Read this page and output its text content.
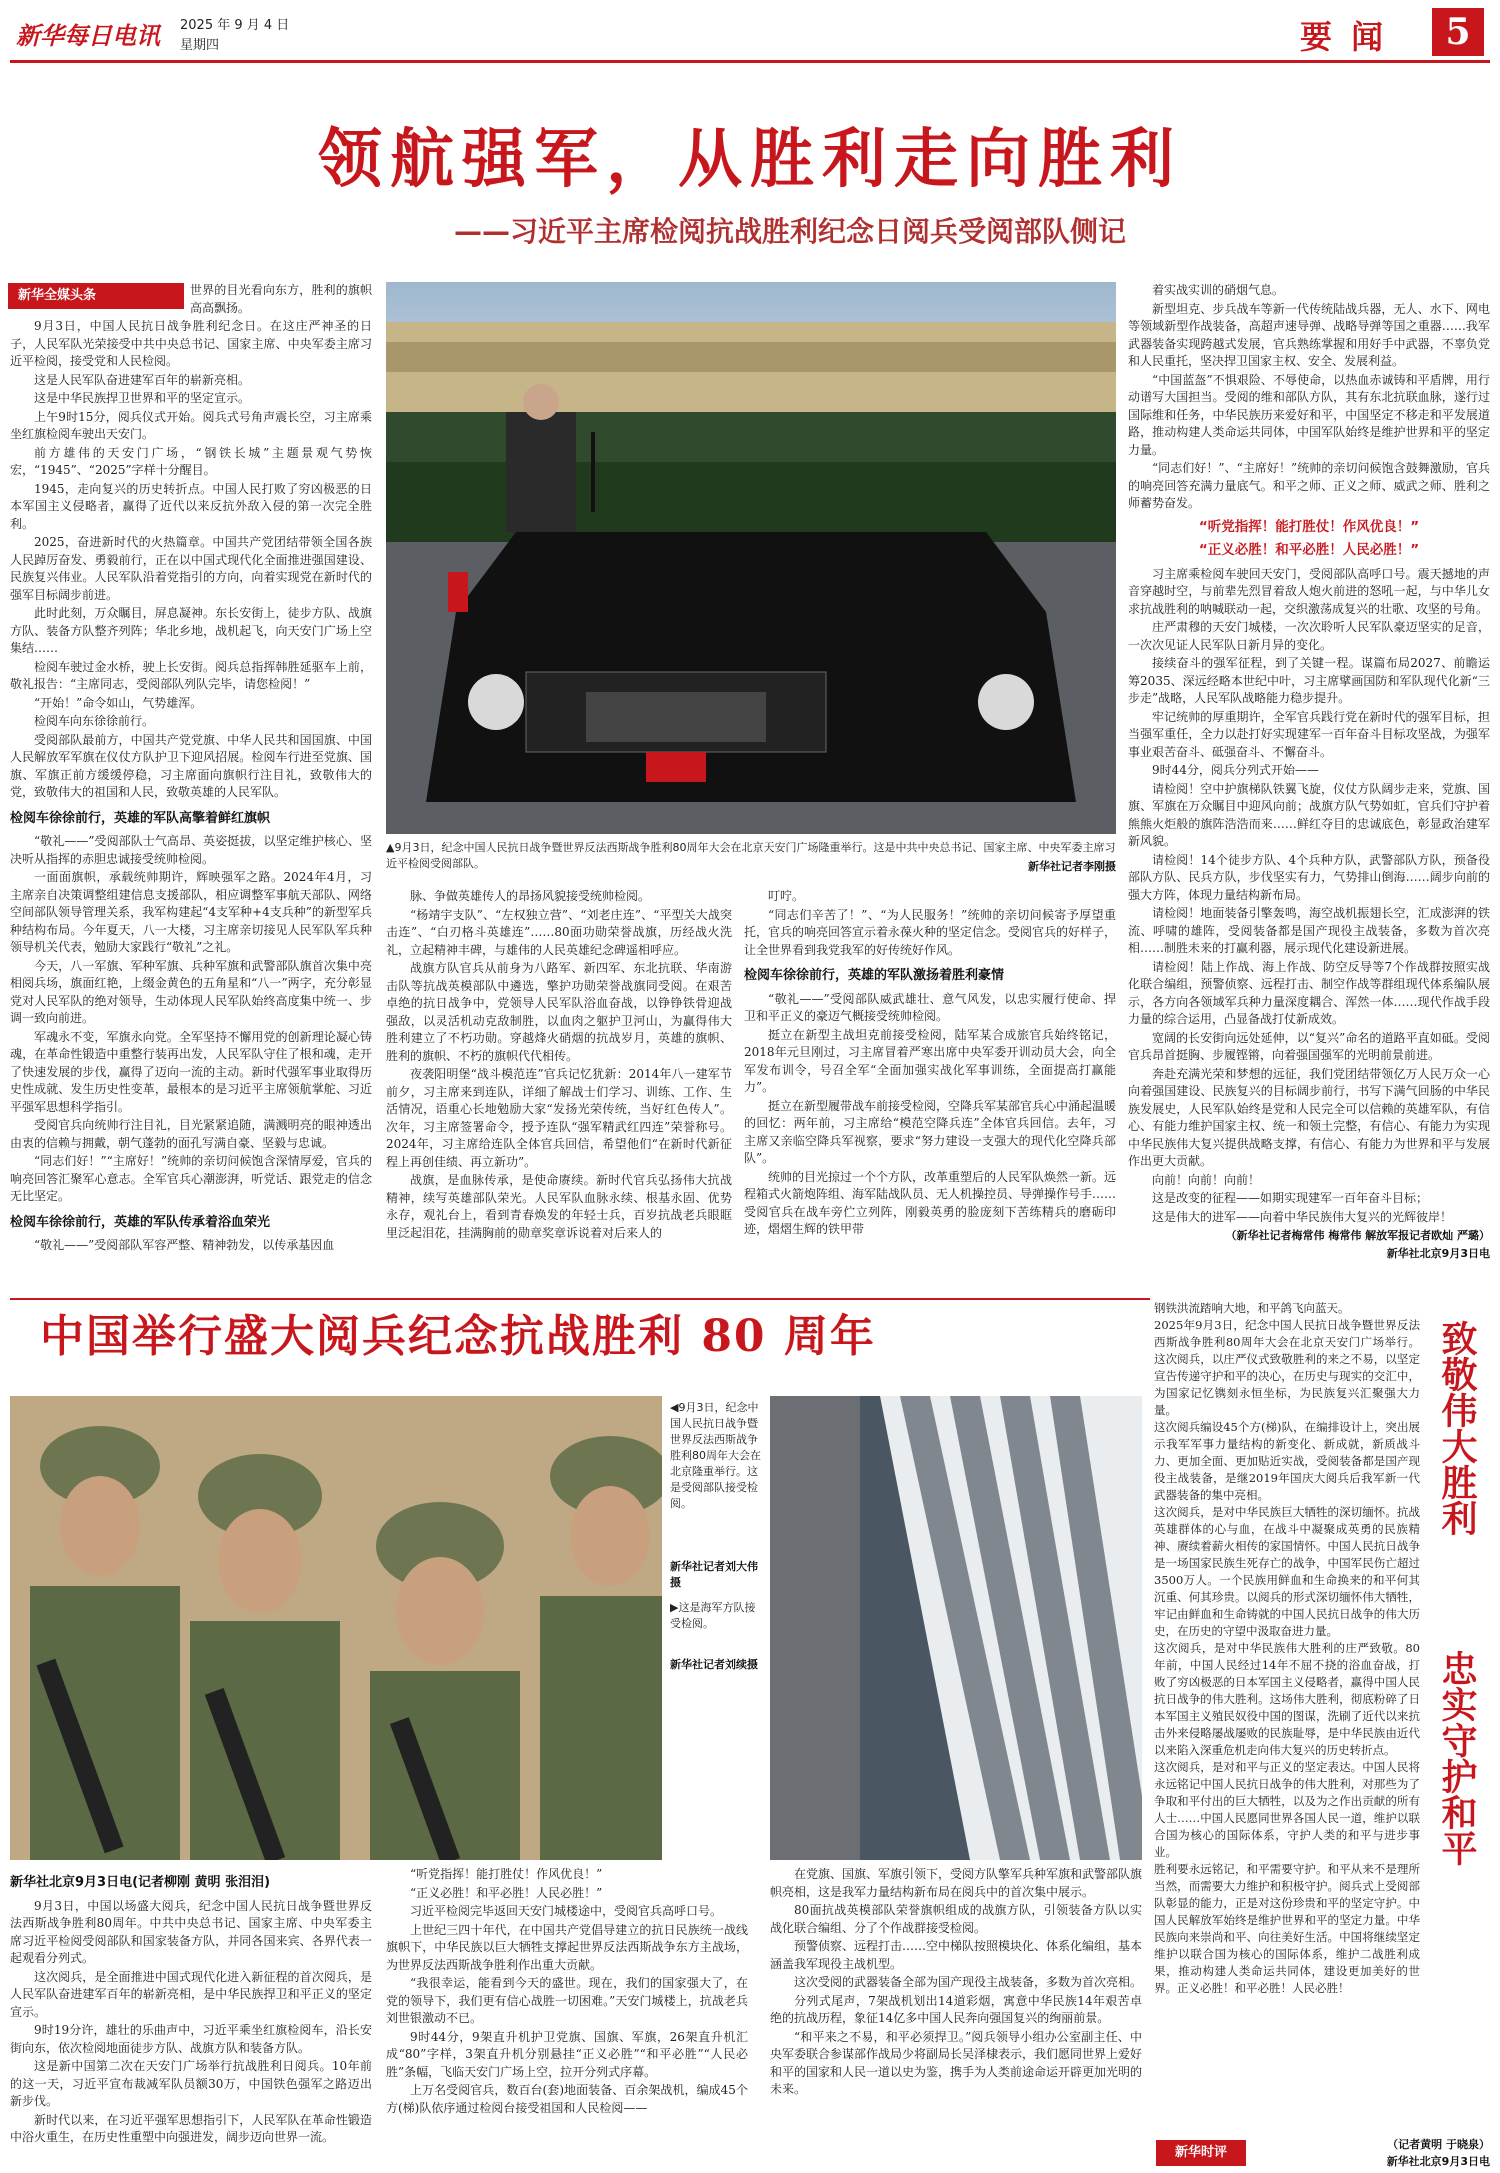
新华每日电讯 2025 年 9 月 4 日
星期四	要 闻	5
领航强军，从胜利走向胜利
——习近平主席检阅抗战胜利纪念日阅兵受阅部队侧记
新华全媒头条	世界的目光看向东方，胜利的旗帜高高飘扬。

9月3日，中国人民抗日战争胜利纪念日。在这庄严神圣的日子，人民军队光荣接受中共中央总书记、国家主席、中央军委主席习近平检阅，接受党和人民检阅。

这是人民军队奋进建军百年的崭新亮相。

这是中华民族捍卫世界和平的坚定宣示。

上午9时15分，阅兵仪式开始。阅兵式号角声震长空，习主席乘坐红旗检阅车驶出天安门。

前方雄伟的天安门广场，“钢铁长城”主题景观气势恢宏，“1945”、“2025”字样十分醒目。

1945，走向复兴的历史转折点。中国人民打败了穷凶极恶的日本军国主义侵略者，赢得了近代以来反抗外敌入侵的第一次完全胜利。

2025，奋进新时代的火热篇章。中国共产党团结带领全国各族人民踔厉奋发、勇毅前行，正在以中国式现代化全面推进强国建设、民族复兴伟业。人民军队沿着党指引的方向，向着实现党在新时代的强军目标阔步前进。

此时此刻，万众瞩目，屏息凝神。东长安街上，徒步方队、战旗方队、装备方队整齐列阵；华北乡地，战机起飞，向天安门广场上空集结……

检阅车驶过金水桥，驶上长安街。阅兵总指挥韩胜延驱车上前，敬礼报告：“主席同志，受阅部队列队完毕，请您检阅！”

“开始！”命令如山，气势雄浑。

检阅车向东徐徐前行。

受阅部队最前方，中国共产党党旗、中华人民共和国国旗、中国人民解放军军旗在仪仗方队护卫下迎风招展。检阅车行进至党旗、国旗、军旗正前方缓缓停稳，习主席面向旗帜行注目礼，致敬伟大的党，致敬伟大的祖国和人民，致敬英雄的人民军队。

检阅车徐徐前行，英雄的军队高擎着鲜红旗帜

“敬礼——”受阅部队士气高昂、英姿挺拔，以坚定维护核心、坚决听从指挥的赤胆忠诚接受统帅检阅。

一面面旗帜，承载统帅期许，辉映强军之路。2024年4月，习主席亲自决策调整组建信息支援部队，相应调整军事航天部队、网络空间部队领导管理关系，我军构建起“4支军种+4支兵种”的新型军兵种结构布局。今年夏天，八一大楼，习主席亲切接见人民军队军兵种领导机关代表，勉励大家践行“敬礼”之礼。

今天，八一军旗、军种军旗、兵种军旗和武警部队旗首次集中亮相阅兵场，旗面红艳，上缀金黄色的五角星和“八一”两字，充分彰显党对人民军队的绝对领导，生动体现人民军队始终高度集中统一、步调一致向前进。

军魂永不变，军旗永向党。全军坚持不懈用党的创新理论凝心铸魂，在革命性锻造中重整行装再出发，人民军队守住了根和魂，走开了快速发展的步伐，赢得了迈向一流的主动。新时代强军事业取得历史性成就、发生历史性变革，最根本的是习近平主席领航掌舵、习近平强军思想科学指引。

受阅官兵向统帅行注目礼，目光紧紧追随，满溅明亮的眼神透出由衷的信赖与拥戴，朝气蓬勃的面孔写满自豪、坚毅与忠诚。

“同志们好！”“主席好！”统帅的亲切问候饱含深情厚爱，官兵的响亮回答汇聚军心意志。全军官兵心潮澎湃，听党话、跟党走的信念无比坚定。

检阅车徐徐前行，英雄的军队传承着浴血荣光

“敬礼——”受阅部队军容严整、精神勃发，以传承基因血

▲9月3日，纪念中国人民抗日战争暨世界反法西斯战争胜利80周年大会在北京天安门广场隆重举行。这是中共中央总书记、国家主席、中央军委主席习近平检阅受阅部队。	新华社记者李刚摄

脉、争做英雄传人的昂扬风貌接受统帅检阅。

“杨靖宇支队”、“左权独立营”、“刘老庄连”、“平型关大战突击连”、“白刃格斗英雄连”……80面功勋荣誉战旗，历经战火洗礼，立起精神丰碑，与雄伟的人民英雄纪念碑遥相呼应。

战旗方队官兵从前身为八路军、新四军、东北抗联、华南游击队等抗战英模部队中遴选，擎护功勋荣誉战旗同受阅。在艰苦卓绝的抗日战争中，党领导人民军队浴血奋战，以铮铮铁骨迎战强敌，以灵活机动克敌制胜，以血肉之躯护卫河山，为赢得伟大胜利建立了不朽功勋。穿越烽火硝烟的抗战岁月，英雄的旗帜、胜利的旗帜、不朽的旗帜代代相传。

夜袭阳明堡“战斗模范连”官兵记忆犹新：2014年八一建军节前夕，习主席来到连队，详细了解战士们学习、训练、工作、生活情况，语重心长地勉励大家“发扬光荣传统，当好红色传人”。次年，习主席签署命令，授予连队“强军精武红四连”荣誉称号。2024年，习主席给连队全体官兵回信，希望他们“在新时代新征程上再创佳绩、再立新功”。

战旗，是血脉传承，是使命赓续。新时代官兵弘扬伟大抗战精神，续写英雄部队荣光。人民军队血脉永续、根基永固、优势永存，观礼台上，看到青春焕发的年轻士兵，百岁抗战老兵眼眶里泛起泪花，挂满胸前的勋章奖章诉说着对后来人的

叮咛。

“同志们辛苦了！”、“为人民服务！”统帅的亲切问候寄予厚望重托，官兵的响亮回答宣示着永葆火种的坚定信念。受阅官兵的好样子，让全世界看到我党我军的好传统好作风。

检阅车徐徐前行，英雄的军队激扬着胜利豪情

“敬礼——”受阅部队威武雄壮、意气风发，以忠实履行使命、捍卫和平正义的豪迈气概接受统帅检阅。

挺立在新型主战坦克前接受检阅，陆军某合成旅官兵始终铭记，2018年元旦刚过，习主席冒着严寒出席中央军委开训动员大会，向全军发布训令，号召全军“全面加强实战化军事训练，全面提高打赢能力”。

挺立在新型履带战车前接受检阅，空降兵军某部官兵心中涌起温暖的回忆：两年前，习主席给“模范空降兵连”全体官兵回信。去年，习主席又亲临空降兵军视察，要求“努力建设一支强大的现代化空降兵部队”。

统帅的目光掠过一个个方队，改革重塑后的人民军队焕然一新。远程箱式火箭炮阵组、海军陆战队员、无人机操控员、导弹操作号手……受阅官兵在战车旁伫立列阵，刚毅英勇的脸庞刻下苦练精兵的磨砺印迹，熠熠生辉的铁甲带

着实战实训的硝烟气息。

新型坦克、步兵战车等新一代传统陆战兵器，无人、水下、网电等领域新型作战装备，高超声速导弹、战略导弹等国之重器……我军武器装备实现跨越式发展，官兵熟练掌握和用好手中武器，不辜负党和人民重托，坚决捍卫国家主权、安全、发展利益。

“中国蓝盔”不惧艰险、不辱使命，以热血赤诚铸和平盾牌，用行动谱写大国担当。受阅的维和部队方队，其有东北抗联血脉，遂行过国际维和任务，中华民族历来爱好和平，中国坚定不移走和平发展道路，推动构建人类命运共同体，中国军队始终是维护世界和平的坚定力量。

“同志们好！”、“主席好！”统帅的亲切问候饱含鼓舞激励，官兵的响亮回答充满力量底气。和平之师、正义之师、威武之师、胜利之师蓄势奋发。

“听党指挥！能打胜仗！作风优良！”
“正义必胜！和平必胜！人民必胜！”

习主席乘检阅车驶回天安门，受阅部队高呼口号。震天撼地的声音穿越时空，与前辈先烈冒着敌人炮火前进的怒吼一起，与中华儿女求抗战胜利的呐喊联动一起，交织激荡成复兴的壮歌、攻坚的号角。

庄严肃穆的天安门城楼，一次次聆听人民军队豪迈坚实的足音，一次次见证人民军队日新月异的变化。

接续奋斗的强军征程，到了关键一程。谋篇布局2027、前瞻运筹2035、深远经略本世纪中叶，习主席擘画国防和军队现代化新“三步走”战略，人民军队战略能力稳步提升。

牢记统帅的厚重期许，全军官兵践行党在新时代的强军目标，担当强军重任，全力以赴打好实现建军一百年奋斗目标攻坚战，为强军事业艰苦奋斗、砥强奋斗、不懈奋斗。

9时44分，阅兵分列式开始——

请检阅！空中护旗梯队铁翼飞旋，仪仗方队阔步走来，党旗、国旗、军旗在万众瞩目中迎风向前；战旗方队气势如虹，官兵们守护着熊熊火炬般的旗阵浩浩而来……鲜红夺目的忠诚底色，彰显政治建军新风貌。

请检阅！14个徒步方队、4个兵种方队，武警部队方队，预备役部队方队、民兵方队，步伐坚实有力，气势排山倒海……阔步向前的强大方阵，体现力量结构新布局。

请检阅！地面装备引擎轰鸣，海空战机振翅长空，汇成澎湃的铁流、呼啸的雄阵，受阅装备都是国产现役主战装备，多数为首次亮相……制胜未来的打赢利器，展示现代化建设新进展。

请检阅！陆上作战、海上作战、防空反导等7个作战群按照实战化联合编组，预警侦察、远程打击、制空作战等群组现代体系编队展示，各方向各领域军兵种力量深度耦合、浑然一体……现代作战手段力量的综合运用，凸显备战打仗新成效。

宽阔的长安街向远处延伸，以“复兴”命名的道路平直如砥。受阅官兵昂首挺胸、步履铿锵，向着强国强军的光明前景前进。

奔赴充满光荣和梦想的远征，我们党团结带领亿万人民万众一心向着强国建设、民族复兴的目标阔步前行，书写下满气回肠的中华民族发展史，人民军队始终是党和人民完全可以信赖的英雄军队，有信心、有能力维护国家主权、统一和领土完整，有信心、有能力为实现中华民族伟大复兴提供战略支撑，有信心、有能力为世界和平与发展作出更大贡献。

向前！向前！向前！

这是改变的征程——如期实现建军一百年奋斗目标；

这是伟大的进军——向着中华民族伟大复兴的光辉彼岸！

（新华社记者梅常伟 梅常伟 解放军报记者欧灿 严璐）
新华社北京9月3日电
中国举行盛大阅兵纪念抗战胜利 80 周年
◀9月3日，纪念中国人民抗日战争暨世界反法西斯战争胜利80周年大会在北京隆重举行。这是受阅部队接受检阅。
新华社记者刘大伟摄
▶这是海军方队接受检阅。
新华社记者刘续摄
新华社北京9月3日电(记者柳刚 黄明 张泪泪)

9月3日，中国以场盛大阅兵，纪念中国人民抗日战争暨世界反法西斯战争胜利80周年。中共中央总书记、国家主席、中央军委主席习近平检阅受阅部队和国家装备方队，并同各国来宾、各界代表一起观看分列式。

这次阅兵，是全面推进中国式现代化进入新征程的首次阅兵，是人民军队奋进建军百年的崭新亮相，是中华民族捍卫和平正义的坚定宣示。

9时19分许，雄壮的乐曲声中，习近平乘坐红旗检阅车，沿长安街向东，依次检阅地面徒步方队、战旗方队和装备方队。

这是新中国第二次在天安门广场举行抗战胜利日阅兵。10年前的这一天，习近平宣布裁减军队员额30万，中国铁色强军之路迈出新步伐。

新时代以来，在习近平强军思想指引下，人民军队在革命性锻造中浴火重生，在历史性重塑中向强进发，阔步迈向世界一流。

“听党指挥！能打胜仗！作风优良！”

“正义必胜！和平必胜！人民必胜！”

习近平检阅完毕返回天安门城楼途中，受阅官兵高呼口号。

上世纪三四十年代，在中国共产党倡导建立的抗日民族统一战线旗帜下，中华民族以巨大牺牲支撑起世界反法西斯战争东方主战场，为世界反法西斯战争胜利作出重大贡献。

“我很幸运，能看到今天的盛世。现在，我们的国家强大了，在党的领导下，我们更有信心战胜一切困难。”天安门城楼上，抗战老兵刘世银激动不已。

9时44分，9架直升机护卫党旗、国旗、军旗，26架直升机汇成“80”字样，3架直升机分别悬挂“正义必胜”“和平必胜”“人民必胜”条幅，飞临天安门广场上空，拉开分列式序幕。

上万名受阅官兵，数百台(套)地面装备、百余架战机，编成45个方(梯)队依序通过检阅台接受祖国和人民检阅——

在党旗、国旗、军旗引领下，受阅方队擎军兵种军旗和武警部队旗帜亮相，这是我军力量结构新布局在阅兵中的首次集中展示。

80面抗战英模部队荣誉旗帜组成的战旗方队，引领装备方队以实战化联合编组、分了个作战群接受检阅。

预警侦察、远程打击……空中梯队按照模块化、体系化编组，基本涵盖我军现役主战机型。

这次受阅的武器装备全部为国产现役主战装备，多数为首次亮相。

分列式尾声，7架战机划出14道彩烟，寓意中华民族14年艰苦卓绝的抗战历程，象征14亿多中国人民奔向强国复兴的绚丽前景。

“和平来之不易，和平必须捍卫。”阅兵领导小组办公室副主任、中央军委联合参谋部作战局少将副局长吴泽棣表示，我们愿同世界上爱好和平的国家和人民一道以史为鉴，携手为人类前途命运开辟更加光明的未来。

钢铁洪流踏响大地，和平鸽飞向蓝天。

2025年9月3日，纪念中国人民抗日战争暨世界反法西斯战争胜利80周年大会在北京天安门广场举行。这次阅兵，以庄严仪式致敬胜利的来之不易，以坚定宣告传递守护和平的决心，在历史与现实的交汇中，为国家记忆镌刻永恒坐标，为民族复兴汇聚强大力量。

这次阅兵编设45个方(梯)队，在编排设计上，突出展示我军军事力量结构的新变化、新成就，新质战斗力、更加全面、更加贴近实战，受阅装备都是国产现役主战装备，是继2019年国庆大阅兵后我军新一代武器装备的集中亮相。

这次阅兵，是对中华民族巨大牺牲的深切缅怀。抗战英雄群体的心与血，在战斗中凝聚成英勇的民族精神、赓续着薪火相传的家国情怀。中国人民抗日战争是一场国家民族生死存亡的战争，中国军民伤亡超过3500万人。一个民族用鲜血和生命换来的和平何其沉重、何其珍贵。以阅兵的形式深切缅怀伟大牺牲，牢记由鲜血和生命铸就的中国人民抗日战争的伟大历史，在历史的守望中汲取奋进力量。

这次阅兵，是对中华民族伟大胜利的庄严致敬。80年前，中国人民经过14年不屈不挠的浴血奋战，打败了穷凶极恶的日本军国主义侵略者，赢得中国人民抗日战争的伟大胜利。这场伟大胜利，彻底粉碎了日本军国主义殖民奴役中国的图谋，洗刷了近代以来抗击外来侵略屡战屡败的民族耻辱，是中华民族由近代以来陷入深重危机走向伟大复兴的历史转折点。

这次阅兵，是对和平与正义的坚定表达。中国人民将永远铭记中国人民抗日战争的伟大胜利，对那些为了争取和平付出的巨大牺牲，以及为之作出贡献的所有人士……中国人民愿同世界各国人民一道，维护以联合国为核心的国际体系，守护人类的和平与进步事业。

胜利要永远铭记，和平需要守护。和平从来不是理所当然，而需要大力维护和积极守护。阅兵式上受阅部队彰显的能力，正是对这份珍贵和平的坚定守护。中国人民解放军始终是维护世界和平的坚定力量。中华民族向来崇尚和平、向往美好生活。中国将继续坚定维护以联合国为核心的国际体系，维护二战胜利成果，推动构建人类命运共同体，建设更加美好的世界。正义必胜！和平必胜！人民必胜！

致敬伟大胜利
忠实守护和平
（记者黄明 于晓泉）
新华社北京9月3日电
新华时评
